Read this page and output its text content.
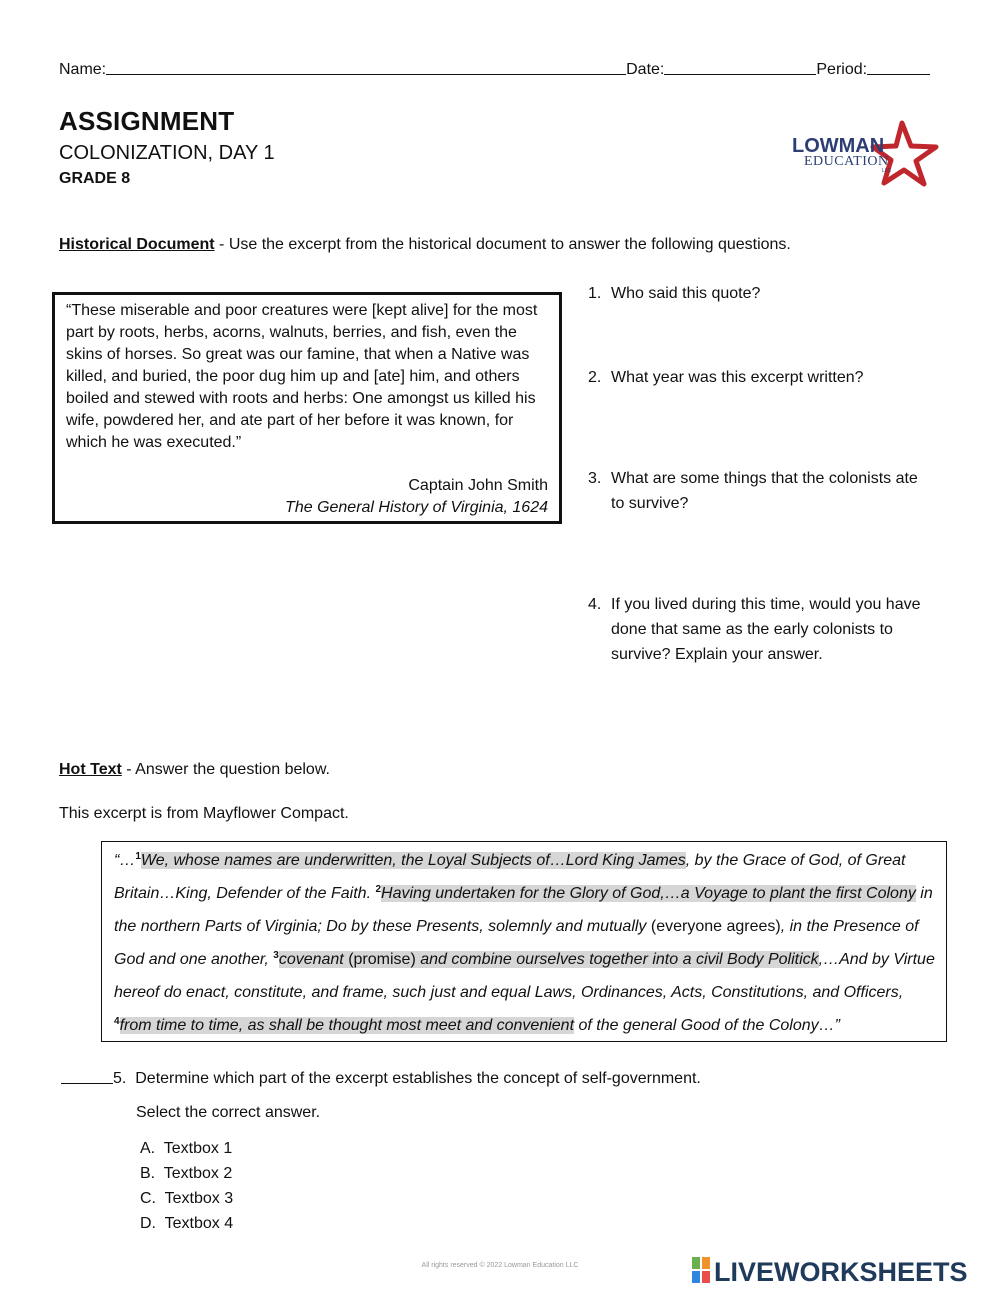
Name:	Date:	Period:
ASSIGNMENT
COLONIZATION, DAY 1
GRADE 8
LOWMAN
EDUCATION
LLC
Historical Document - Use the excerpt from the historical document to answer the following questions.
“These miserable and poor creatures were [kept alive] for the most part by roots, herbs, acorns, walnuts, berries, and fish, even the skins of horses. So great was our famine, that when a Native was killed, and buried, the poor dug him up and [ate] him, and others boiled and stewed with roots and herbs: One amongst us killed his wife, powdered her, and ate part of her before it was known, for which he was executed.”
Captain John Smith
The General History of Virginia, 1624
1. Who said this quote?
2. What year was this excerpt written?
3. What are some things that the colonists ate to survive?
4. If you lived during this time, would you have done that same as the early colonists to survive? Explain your answer.
Hot Text - Answer the question below.
This excerpt is from Mayflower Compact.
“…$^1$We, whose names are underwritten, the Loyal Subjects of…Lord King James, by the Grace of God, of Great Britain…King, Defender of the Faith. $^2$Having undertaken for the Glory of God,…a Voyage to plant the first Colony in the northern Parts of Virginia; Do by these Presents, solemnly and mutually (everyone agrees), in the Presence of God and one another, $^3$covenant (promise) and combine ourselves together into a civil Body Politick,…And by Virtue hereof do enact, constitute, and frame, such just and equal Laws, Ordinances, Acts, Constitutions, and Officers, $^4$from time to time, as shall be thought most meet and convenient of the general Good of the Colony…”
5. Determine which part of the excerpt establishes the concept of self-government.
Select the correct answer.
A. Textbox 1
B. Textbox 2
C. Textbox 3
D. Textbox 4
All rights reserved © 2022 Lowman Education LLC	LIVEWORKSHEETS
